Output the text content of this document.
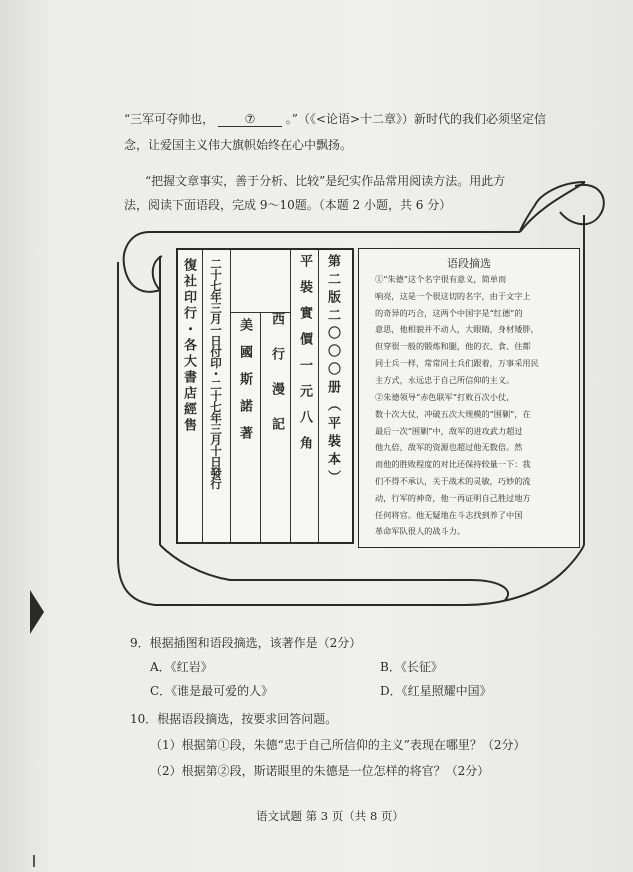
“三军可夺帅也，	⑦	。”（《<论语>十二章》）新时代的我们必须坚定信
念，让爱国主义伟大旗帜始终在心中飘扬。
“把握文章事实，善于分析、比较”是纪实作品常用阅读方法。用此方
法，阅读下面语段，完成 9～10题。（本题 2 小题，共 6 分）
復社印行・各大書店經售 二十七年三月一日付印・二十七年三月十日發行 美國斯諾著 西行漫記 平裝實價一元八角 第二版二〇〇〇册（平裝本）	语段摘选
①“朱德”这个名字很有意义，简单而
响亮，这是一个很这切的名字，由于文字上
的奇异的巧合，这两个中国字是“红德”的
意思，他相貌并不动人，大眼睛，身材矮胖，
但穿很一般的锻炼和腿，他的衣、食、住都
同士兵一样，常常同士兵们跟着，万事采用民
主方式，永远忠于自己所信仰的主义。
②朱德领导“赤色联军”打败百次小仗，
数十次大仗，冲破五次大规模的“围剿”，在
最后一次“围剿”中，敌军的进攻武力超过
他九倍，敌军的资源也超过他无数倍。然
而他的胜败程度的对比还保持较量一下：我
们不得不承认，关于战术的灵敏，巧妙的流
动，行军的神奇，他一再证明自己胜过地方
任何将官。他无疑地在斗志找到养了中国
革命军队很人的战斗力。
9．根据插图和语段摘选，该著作是（2分）
A．《红岩》	B．《长征》
C．《谁是最可爱的人》	D．《红星照耀中国》
10．根据语段摘选，按要求回答问题。
（1）根据第①段，朱德“忠于自己所信仰的主义”表现在哪里？（2分）
（2）根据第②段，斯诺眼里的朱德是一位怎样的将官？（2分）
语文试题 第 3 页（共 8 页）
